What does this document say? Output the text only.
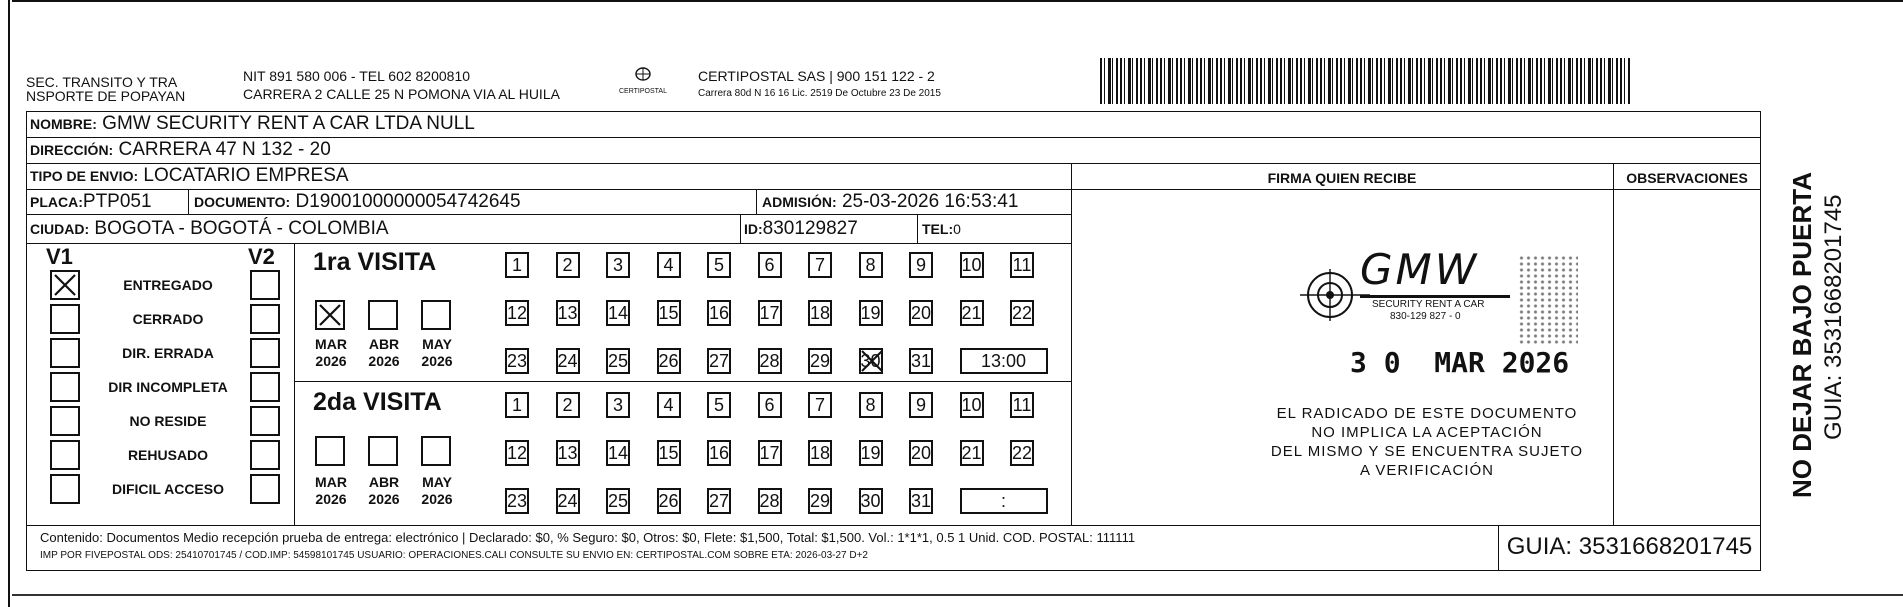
SEC. TRANSITO Y TRA
NSPORTE DE POPAYAN
NIT 891 580 006 - TEL 602 8200810
CARRERA 2 CALLE 25 N POMONA VIA AL HUILA	CERTIPOSTAL
CERTIPOSTAL SAS | 900 151 122 - 2
Carrera 80d N 16 16 Lic. 2519 De Octubre 23 De 2015
NOMBRE: GMW SECURITY RENT A CAR LTDA NULL
DIRECCIÓN: CARRERA 47 N 132 - 20
TIPO DE ENVIO: LOCATARIO EMPRESA
PLACA:PTP051	DOCUMENTO: D19001000000054742645	ADMISIÓN: 25-03-2026 16:53:41
CIUDAD: BOGOTA - BOGOTÁ - COLOMBIA	ID:830129827	TEL:0
FIRMA QUIEN RECIBE	OBSERVACIONES
V1	V2
ENTREGADO
CERRADO
DIR. ERRADA
DIR INCOMPLETA
NO RESIDE
REHUSADO
DIFICIL ACCESO
1ra VISITA
2da VISITA
MAR
2026
ABR
2026
MAY
2026
MAR
2026
ABR
2026
MAY
2026
1	2	3	4	5	6	7	8	9	10 11
12 13 14 15 16 17 18 19 20 21 22
23 24 25 26 27 28 29 30 31	13:00
1	2	3	4	5	6	7	8	9	10 11
12 13 14 15 16 17 18 19 20 21 22
23 24 25 26 27 28 29 30 31	:
GMW
SECURITY RENT A CAR
830-129 827 - 0
3 0  MAR 2026
EL RADICADO DE ESTE DOCUMENTO
NO IMPLICA LA ACEPTACIÓN
DEL MISMO Y SE ENCUENTRA SUJETO
A VERIFICACIÓN	NO DEJAR BAJO PUERTA GUIA: 3531668201745
Contenido: Documentos Medio recepción prueba de entrega: electrónico | Declarado: $0, % Seguro: $0, Otros: $0, Flete: $1,500, Total: $1,500. Vol.: 1*1*1, 0.5 1 Unid. COD. POSTAL: 111111
IMP POR FIVEPOSTAL ODS: 25410701745 / COD.IMP: 54598101745 USUARIO: OPERACIONES.CALI CONSULTE SU ENVIO EN: CERTIPOSTAL.COM SOBRE ETA: 2026-03-27 D+2	GUIA: 3531668201745
